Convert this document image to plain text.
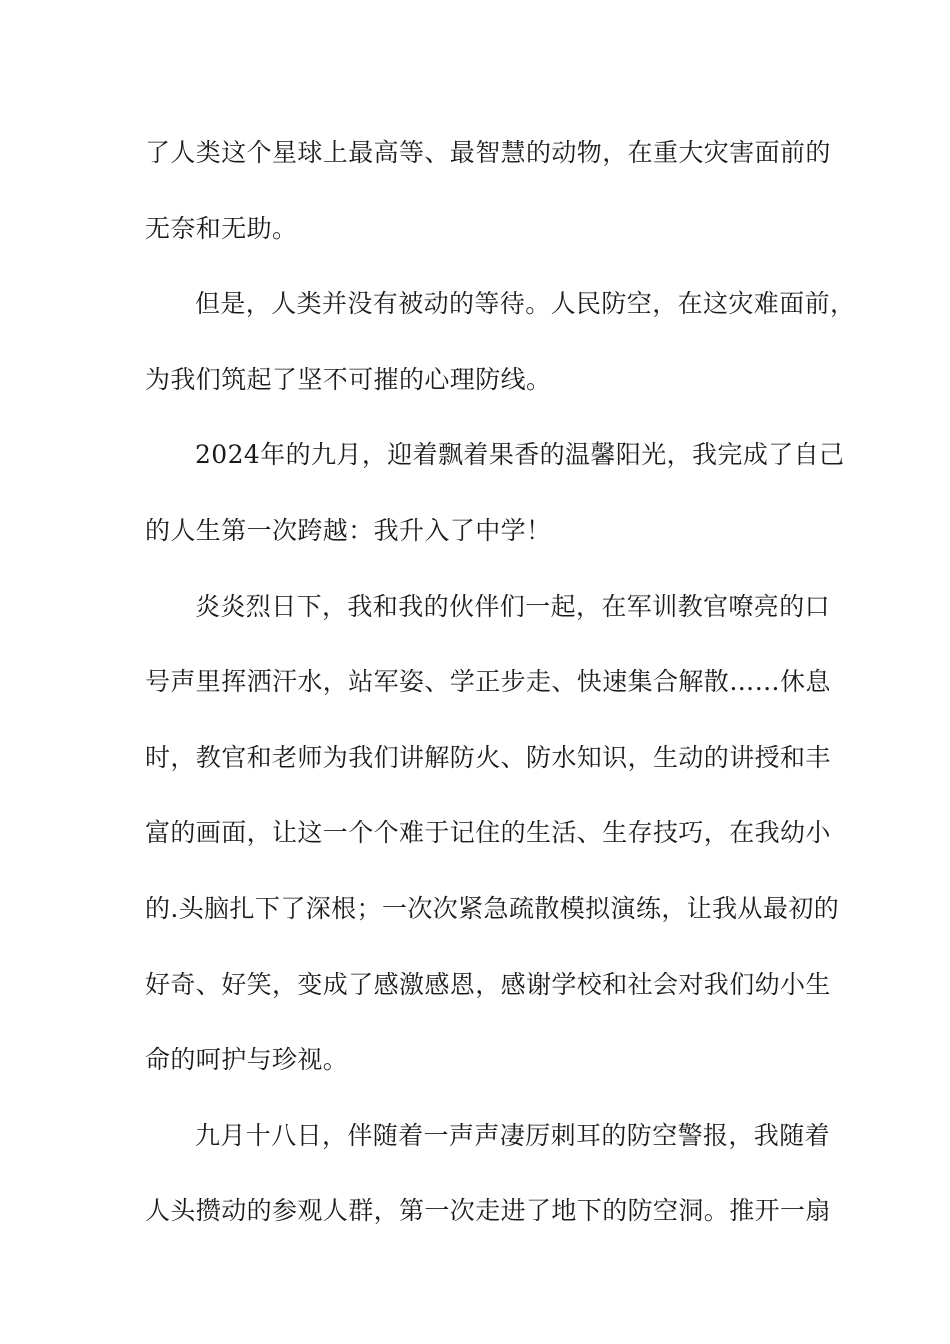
了人类这个星球上最高等、最智慧的动物，在重大灾害面前的
无奈和无助。
但是，人类并没有被动的等待。人民防空，在这灾难面前，
为我们筑起了坚不可摧的心理防线。
2024年的九月，迎着飘着果香的温馨阳光，我完成了自己
的人生第一次跨越：我升入了中学！
炎炎烈日下，我和我的伙伴们一起，在军训教官嘹亮的口
号声里挥洒汗水，站军姿、学正步走、快速集合解散……休息
时，教官和老师为我们讲解防火、防水知识，生动的讲授和丰
富的画面，让这一个个难于记住的生活、生存技巧，在我幼小
的.头脑扎下了深根；一次次紧急疏散模拟演练，让我从最初的
好奇、好笑，变成了感激感恩，感谢学校和社会对我们幼小生
命的呵护与珍视。
九月十八日，伴随着一声声凄厉刺耳的防空警报，我随着
人头攒动的参观人群，第一次走进了地下的防空洞。推开一扇
